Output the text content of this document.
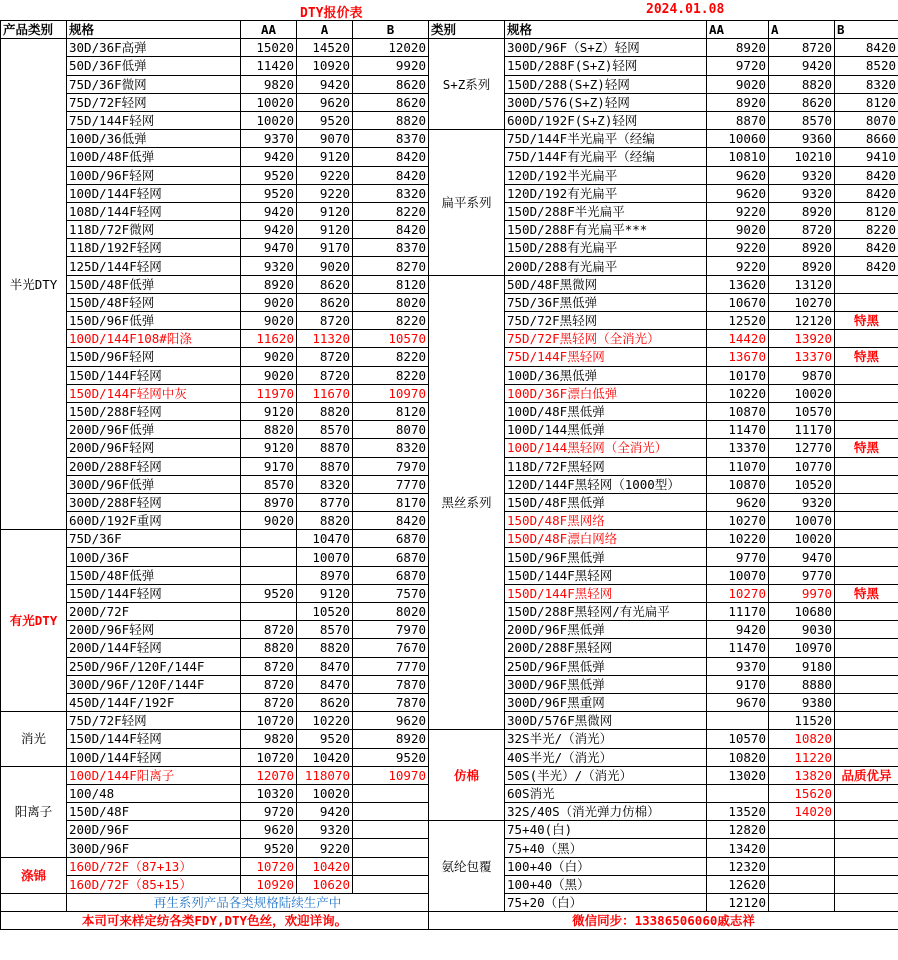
DTY报价表	2024.01.08
产品类别	规格	AA	A	B	类别	规格	AA	A	B
半光DTY	30D/36F高弹	15020	14520	12020	S+Z系列	300D/96F（S+Z）轻网	8920	8720	8420
	50D/36F低弹	11420	10920	9920		150D/288F(S+Z)轻网	9720	9420	8520
	75D/36F微网	9820	9420	8620		150D/288(S+Z)轻网	9020	8820	8320
	75D/72F轻网	10020	9620	8620		300D/576(S+Z)轻网	8920	8620	8120
	75D/144F轻网	10020	9520	8820		600D/192F(S+Z)轻网	8870	8570	8070
	100D/36低弹	9370	9070	8370	扁平系列	75D/144F半光扁平（经编	10060	9360	8660
	100D/48F低弹	9420	9120	8420		75D/144F有光扁平（经编	10810	10210	9410
	100D/96F轻网	9520	9220	8420		120D/192半光扁平	9620	9320	8420
	100D/144F轻网	9520	9220	8320		120D/192有光扁平	9620	9320	8420
	108D/144F轻网	9420	9120	8220		150D/288F半光扁平	9220	8920	8120
	118D/72F微网	9420	9120	8420		150D/288F有光扁平***	9020	8720	8220
	118D/192F轻网	9470	9170	8370		150D/288有光扁平	9220	8920	8420
	125D/144F轻网	9320	9020	8270		200D/288有光扁平	9220	8920	8420
	150D/48F低弹	8920	8620	8120	黑丝系列	50D/48F黑微网	13620	13120	
	150D/48F轻网	9020	8620	8020		75D/36F黑低弹	10670	10270	
	150D/96F低弹	9020	8720	8220		75D/72F黑轻网	12520	12120	特黑
	100D/144F108#阳涤	11620	11320	10570		75D/72F黑轻网（全消光）	14420	13920	
	150D/96F轻网	9020	8720	8220		75D/144F黑轻网	13670	13370	特黑
	150D/144F轻网	9020	8720	8220		100D/36黑低弹	10170	9870	
	150D/144F轻网中灰	11970	11670	10970		100D/36F漂白低弹	10220	10020	
	150D/288F轻网	9120	8820	8120		100D/48F黑低弹	10870	10570	
	200D/96F低弹	8820	8570	8070		100D/144黑低弹	11470	11170	
	200D/96F轻网	9120	8870	8320		100D/144黑轻网（全消光）	13370	12770	特黑
	200D/288F轻网	9170	8870	7970		118D/72F黑轻网	11070	10770	
	300D/96F低弹	8570	8320	7770		120D/144F黑轻网（1000型）	10870	10520	
	300D/288F轻网	8970	8770	8170		150D/48F黑低弹	9620	9320	
	600D/192F重网	9020	8820	8420		150D/48F黑网络	10270	10070	
有光DTY	75D/36F		10470	6870		150D/48F漂白网络	10220	10020	
	100D/36F		10070	6870		150D/96F黑低弹	9770	9470	
	150D/48F低弹		8970	6870		150D/144F黑轻网	10070	9770	
	150D/144F轻网	9520	9120	7570		150D/144F黑轻网	10270	9970	特黑
	200D/72F		10520	8020		150D/288F黑轻网/有光扁平	11170	10680	
	200D/96F轻网	8720	8570	7970		200D/96F黑低弹	9420	9030	
	200D/144F轻网	8820	8820	7670		200D/288F黑轻网	11470	10970	
	250D/96F/120F/144F	8720	8470	7770		250D/96F黑低弹	9370	9180	
	300D/96F/120F/144F	8720	8470	7870		300D/96F黑低弹	9170	8880	
	450D/144F/192F	8720	8620	7870		300D/96F黑重网	9670	9380	
消光	75D/72F轻网	10720	10220	9620		300D/576F黑微网		11520	
	150D/144F轻网	9820	9520	8920	仿棉	32S半光/（消光）	10570	10820	
	100D/144F轻网	10720	10420	9520		40S半光/（消光）	10820	11220	
阳离子	100D/144F阳离子	12070	118070	10970		50S(半光）/（消光）	13020	13820	品质优异
	100/48	10320	10020			60S消光		15620	
	150D/48F	9720	9420			32S/40S（消光弹力仿棉）	13520	14020	
	200D/96F	9620	9320		氨纶包覆	75+40(白)	12820		
	300D/96F	9520	9220			75+40（黑）	13420		
涤锦	160D/72F（87+13）	10720	10420			100+40（白）	12320		
	160D/72F（85+15）	10920	10620			100+40（黑）	12620		
	再生系列产品各类规格陆续生产中					75+20（白）	12120		
本司可来样定纺各类FDY,DTY色丝，欢迎详询。					微信同步：13386506060戚志祥				
